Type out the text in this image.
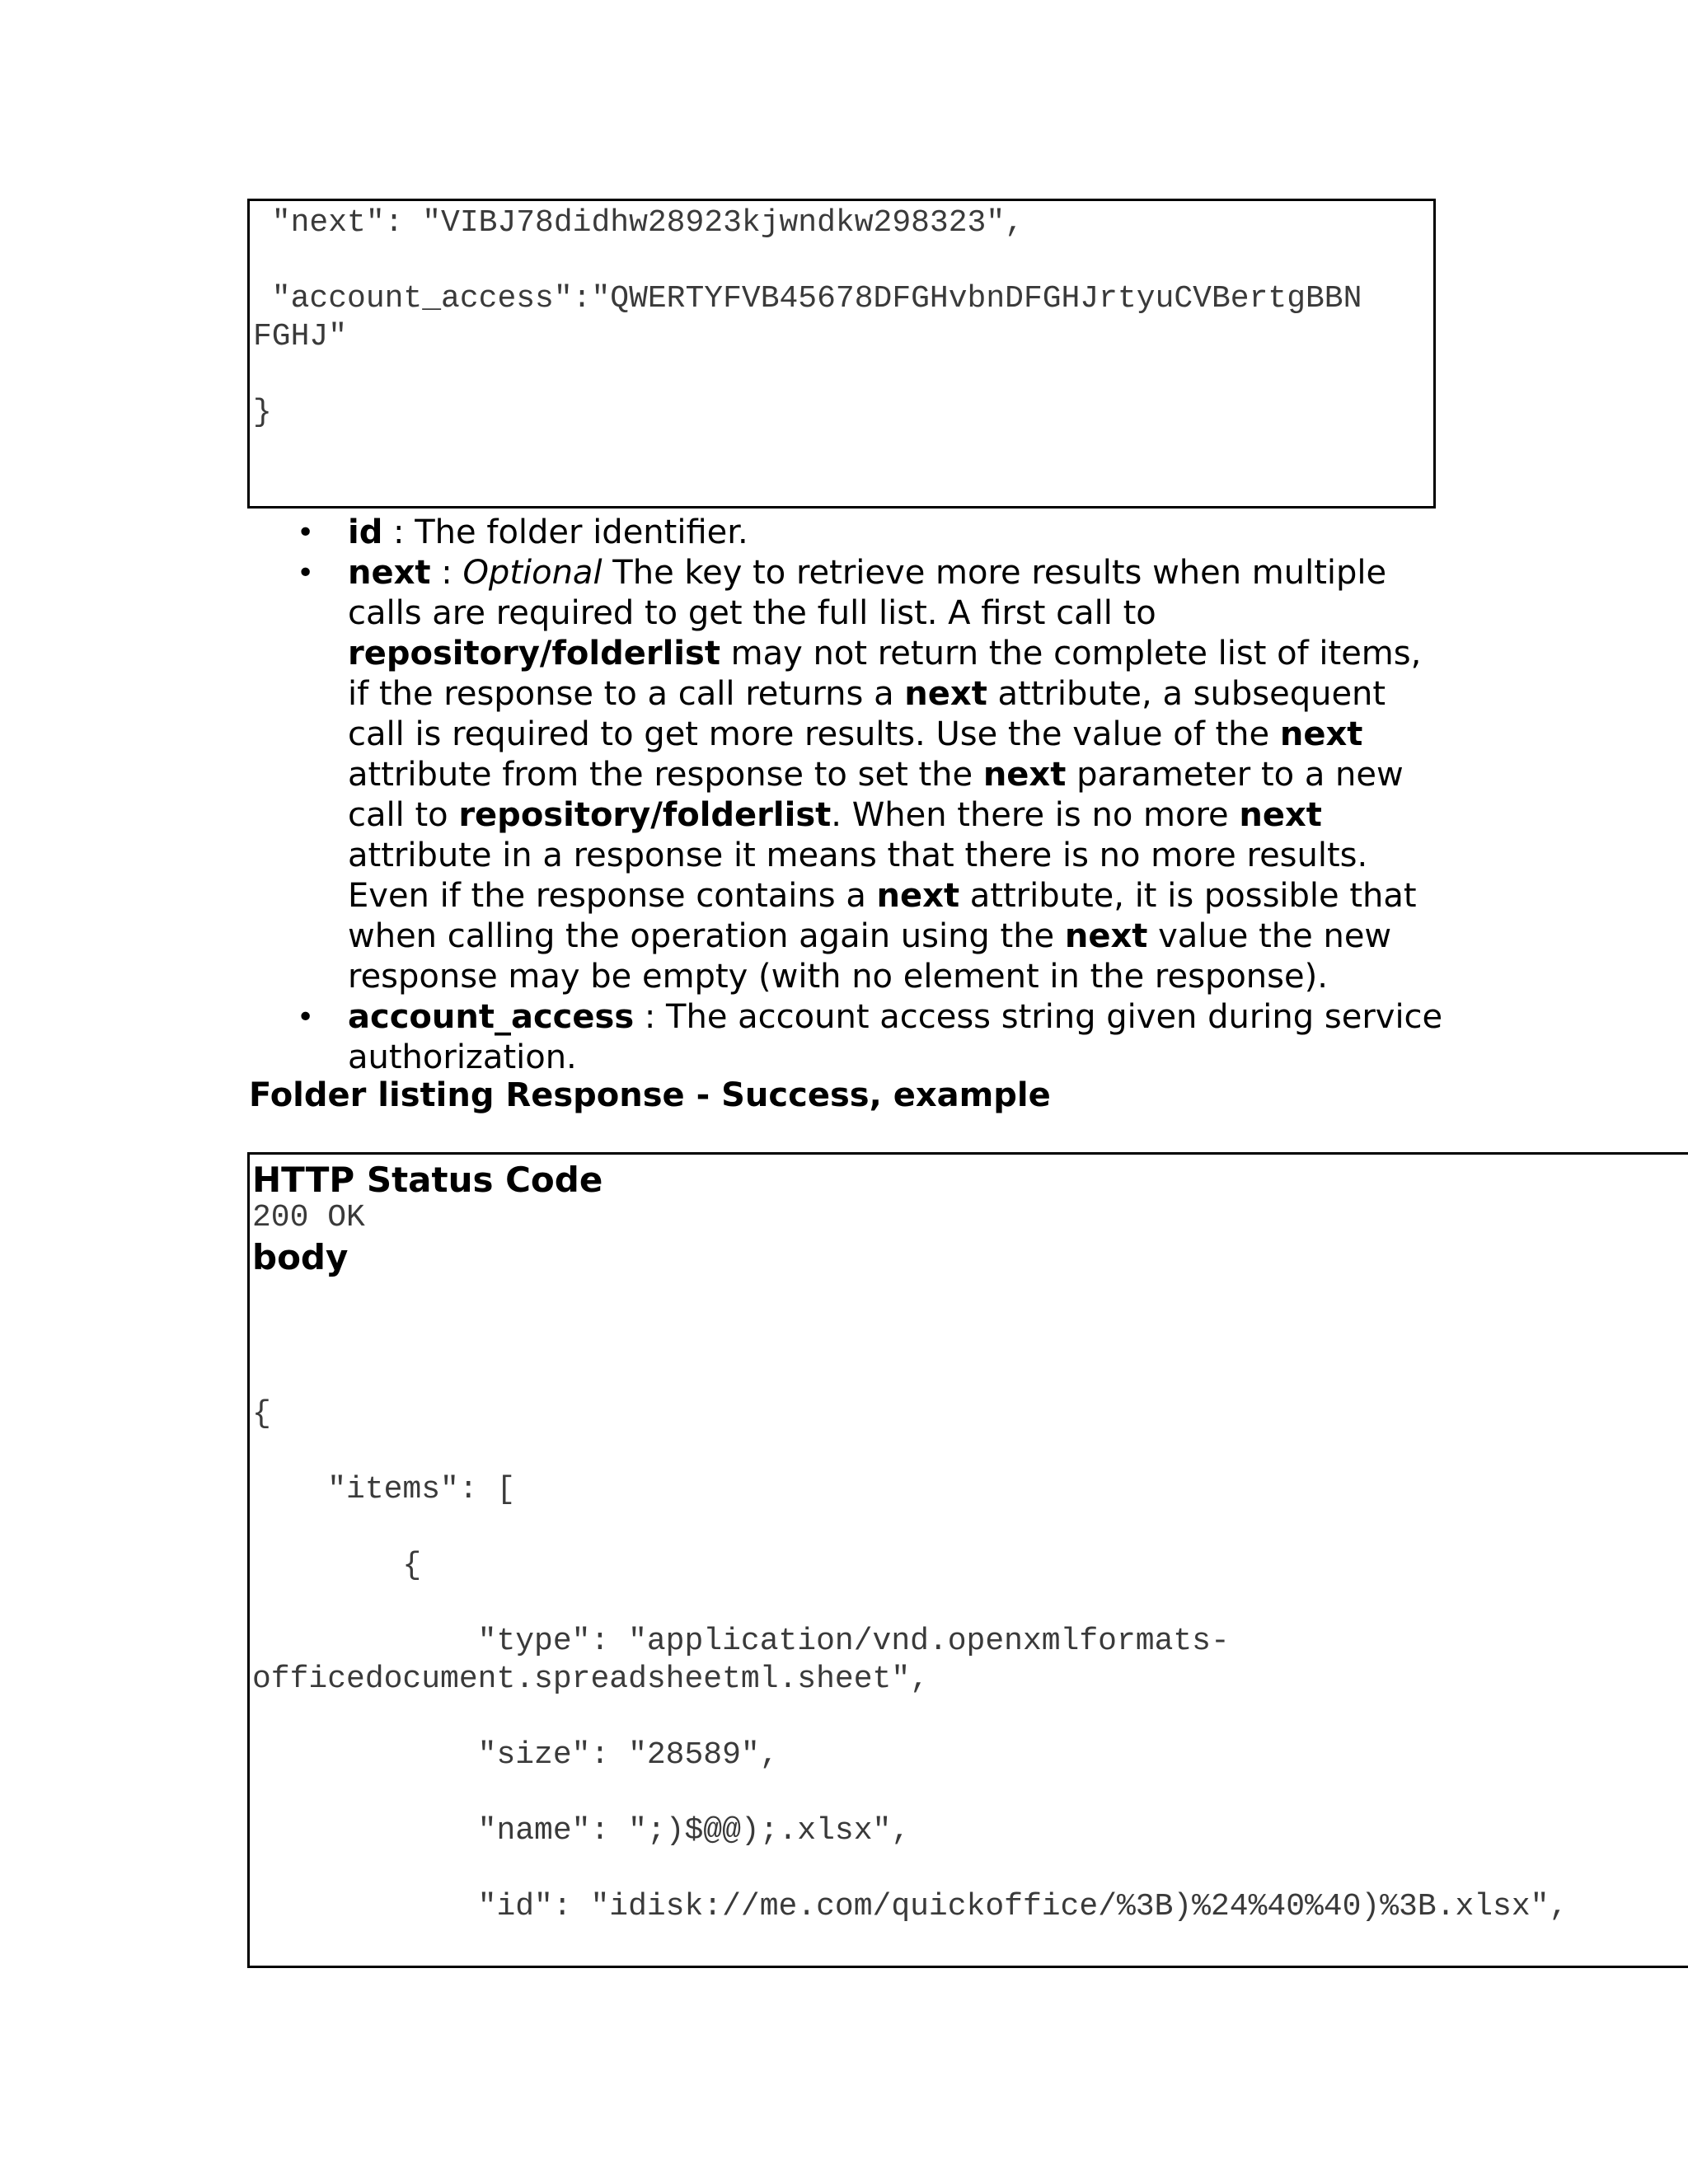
"next": "VIBJ78didhw28923kjwndkw298323",
"account_access":"QWERTYFVB45678DFGHvbnDFGHJrtyuCVBertgBBN
FGHJ"
}
• id : The folder identifier.
• next : Optional The key to retrieve more results when multiple calls are required to get the full list. A first call to repository/folderlist may not return the complete list of items, if the response to a call returns a next attribute, a subsequent call is required to get more results. Use the value of the next attribute from the response to set the next parameter to a new call to repository/folderlist. When there is no more next attribute in a response it means that there is no more results. Even if the response contains a next attribute, it is possible that when calling the operation again using the next value the new response may be empty (with no element in the response).
• account_access : The account access string given during service authorization.
Folder listing Response - Success, example
HTTP Status Code
200 OK
body
{
"items": [
{
"type": "application/vnd.openxmlformats-
officedocument.spreadsheetml.sheet",
"size": "28589",
"name": ";)$@@);.xlsx",
"id": "idisk://me.com/quickoffice/%3B)%24%40%40)%3B.xlsx",
